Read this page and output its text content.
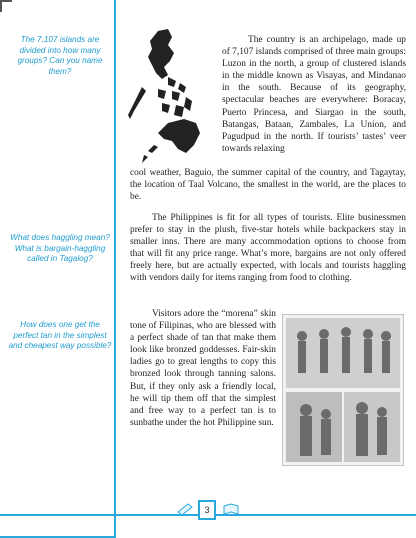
The 7,107 islands are divided into how many groups? Can you name them?
What does haggling mean? What is bargain-haggling called in Tagalog?
How does one get the perfect tan in the simplest and cheapest way possible?
The country is an archipelago, made up of 7,107 islands comprised of three main groups: Luzon in the north, a group of clustered islands in the middle known as Visayas, and Mindanao in the south. Because of its geography, spectacular beaches are everywhere: Boracay, Puerto Princesa, and Siargao in the south, Batangas, Bataan, Zambales, La Union, and Pagudpud in the north. If tourists’ tastes’ veer towards relaxing
cool weather, Baguio, the summer capital of the country, and Tagaytay, the location of Taal Volcano, the smallest in the world, are the places to be.
The Philippines is fit for all types of tourists. Elite businessmen prefer to stay in the plush, five-star hotels while backpackers stay in smaller inns. There are many accommodation options to choose from that will fit any price range. What’s more, bargains are not only offered freely here, but are actually expected, with locals and tourists haggling with vendors daily for items ranging from food to clothing.
Visitors adore the “morena” skin tone of Filipinas, who are blessed with a perfect shade of tan that make them look like bronzed goddesses. Fair-skin ladies go to great lengths to copy this bronzed look through tanning salons. But, if they only ask a friendly local, he will tip them off that the simplest and free way to a perfect tan is to sunbathe under the hot Philippine sun.
3
